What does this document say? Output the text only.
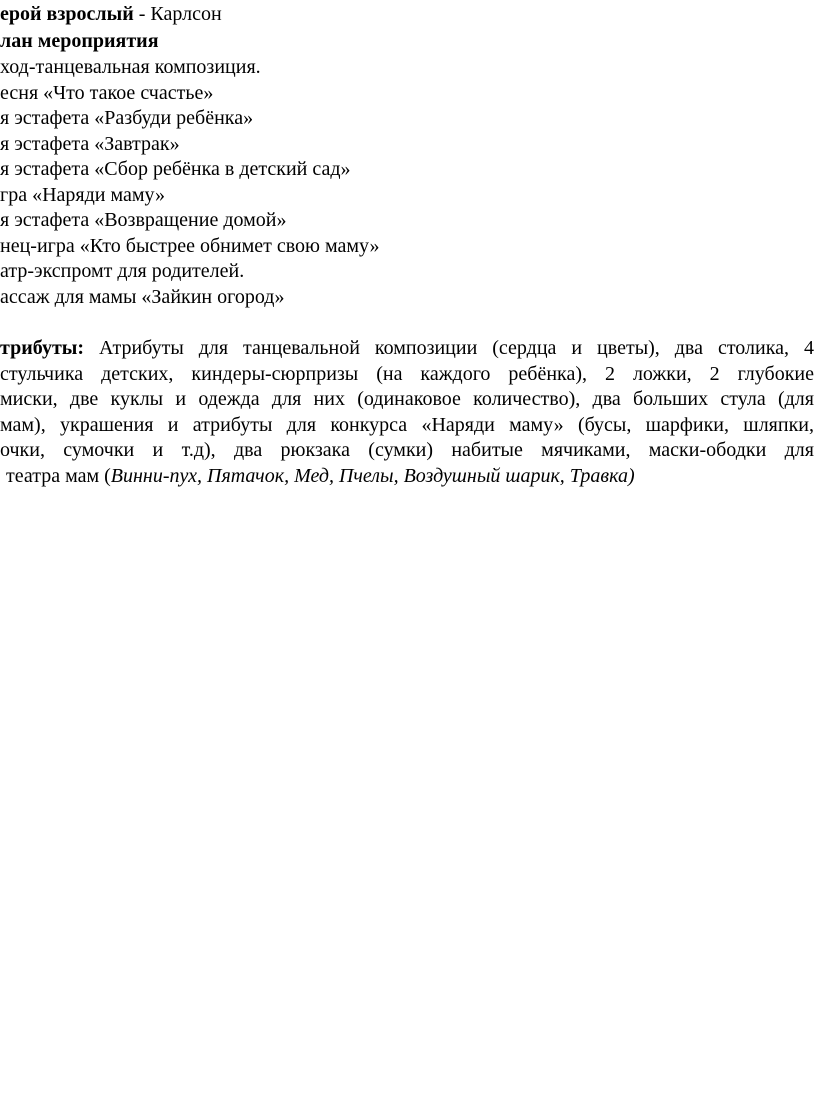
ерой взрослый - Карлсон
лан мероприятия
ход-танцевальная композиция.
есня «Что такое счастье»
я эстафета «Разбуди ребёнка»
я эстафета «Завтрак»
я эстафета «Сбор ребёнка в детский сад»
гра «Наряди маму»
я эстафета «Возвращение домой»
нец-игра «Кто быстрее обнимет свою маму»
атр-экспромт для родителей.
ассаж для мамы «Зайкин огород»
трибуты: Атрибуты для танцевальной композиции (сердца и цветы), два столика, 4
стульчика детских, киндеры-сюрпризы (на каждого ребёнка), 2 ложки, 2 глубокие
миски, две куклы и одежда для них (одинаковое количество), два больших стула (для
мам), украшения и атрибуты для конкурса «Наряди маму» (бусы, шарфики, шляпки,
очки, сумочки и т.д), два рюкзака (сумки) набитые мячиками, маски-ободки для
театра мам (Винни-пух, Пятачок, Мед, Пчелы, Воздушный шарик, Травка)
